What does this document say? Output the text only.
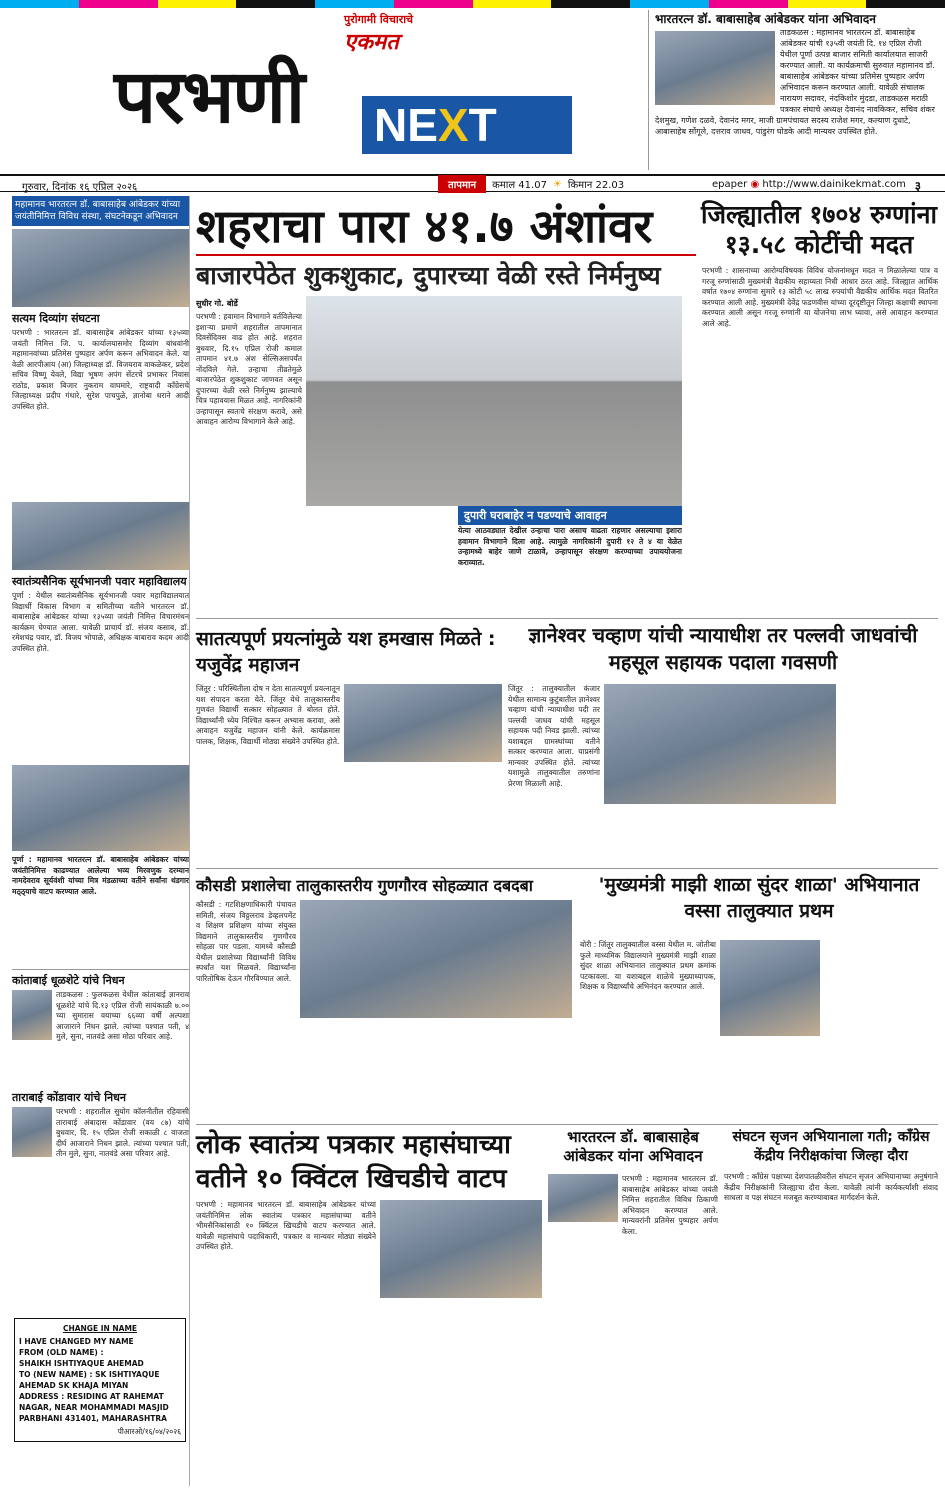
पुरोगामी विचाराचे
एकमत
परभणी NEXT
भारतरत्न डॉ. बाबासाहेब आंबेडकर यांना अभिवादन
ताडकळस : महामानव भारतरत्न डॉ. बाबासाहेब आंबेडकर यांची १३५वी जयंती दि. १४ एप्रिल रोजी येथील पूर्णा उत्पन्न बाजार समिती कार्यालयात साजरी करण्यात आली. या कार्यक्रमाची सुरुवात महामानव डॉ. बाबासाहेब आंबेडकर यांच्या प्रतिमेस पुष्पहार अर्पण अभिवादन करून करण्यात आली. यावेळी संचालक नारायण सदावर, नंदकिशोर मुंदडा, ताडकळस मराठी पत्रकार संघाचे अध्यक्ष देवानंद नावकिकर, सचिव शंकर देशमुख, गणेश दळवे, देवानंद मगर, माजी ग्रामपंचायत सदस्य राजेश मगर, कल्याण दुधाटे, आबासाहेब सोंगूले, दत्तराव जाधव, पांडुरंग घोडके आदी मान्यवर उपस्थित होते.
गुरुवार, दिनांक १६ एप्रिल २०२६	तापमान	कमाल 41.07 ☀ किमान 22.03	epaper ◉ http://www.dainikekmat.com ३
महामानव भारतरत्न डॉ. बाबासाहेब आंबेडकर यांच्या जयंतीनिमित्त विविध संस्था, संघटनेकडून अभिवादन
सत्यम दिव्यांग संघटना
परभणी : भारतरत्न डॉ. बाबासाहेब आंबेडकर यांच्या १३५व्या जयंती निमित्त जि. प. कार्यालयासमोर दिव्यांग बांधवांनी महामानवांच्या प्रतिमेस पुष्पहार अर्पण करून अभिवादन केले. या वेळी आरपीआय (आ) जिल्हाध्यक्ष डॉ. विजयराव वाकळेकर, प्रदेश सचिव विष्णू येवले, विद्या भूषण अपंग सेंटरचे प्रभाकर निवास राठोड, प्रकाश बिजार नुकराम वाघमारे, राष्ट्रवादी काँग्रेसचे जिल्हाध्यक्ष प्रदीप गंधारे, सुरेश पाचपुळे, ज्ञानोबा धराने आदी उपस्थित होते.
स्वातंत्र्यसैनिक सूर्यभानजी पवार महाविद्यालय
पूर्णा : येथील स्वातंत्र्यसैनिक सूर्यभानजी पवार महाविद्यालयात विद्यार्थी विकास विभाग व समितीच्या वतीने भारतरत्न डॉ. बाबासाहेब आंबेडकर यांच्या १३५व्या जयंती निमित्त विचारमंथन कार्यक्रम घेण्यात आला. यावेळी प्राचार्य डॉ. संजय कसाब, डॉ. रमेशचंद्र पवार, डॉ. विजय भोपाळे, अधिक्षक बाबाराव कदम आदी उपस्थित होते.
पूर्णा : महामानव भारतरत्न डॉ. बाबासाहेब आंबेडकर यांच्या जयंतीनिमित्त काढण्यात आलेल्या भव्य मिरवणुक दरम्यान नामदेवराव सूर्यवंशी यांच्या मित्र मंडळाच्या वतीने सर्वांना थंडगार मठ्ठ्याचे वाटप करण्यात आले.
कांताबाई धूळशेटे यांचे निधन
ताडकळस : फुलकळस येथील कांताबाई ज्ञानराव धूळशेटे यांचे दि.१३ एप्रिल रोजी सायंकाळी ७.०० च्या सुमारास वयाच्या ६६व्या वर्षी अल्पशा आजाराने निधन झाले. त्यांच्या पश्चात पती, ४ मुले, सुना, नातवंडे असा मोठा परिवार आहे.
ताराबाई कोंडावार यांचे निधन
परभणी : शहरातील सुयोग कॉलनीतील रहिवासी ताराबाई अंबादास कोंडावार (वय ८७) यांचे बुधवार, दि. १५ एप्रिल रोजी सकाळी ८ वाजता दीर्घ आजाराने निधन झाले. त्यांच्या पश्चात पती, तीन मुले, सुना, नातवंडे असा परिवार आहे.
शहराचा पारा ४१.७ अंशांवर
बाजारपेठेत शुकशुकाट, दुपारच्या वेळी रस्ते निर्मनुष्य
जिल्ह्यातील १७०४ रुग्णांना १३.५८ कोटींची मदत
सुधीर गो. बोर्डे
परभणी : हवामान विभागाने वर्तविलेल्या इशाऱ्या प्रमाणे शहरातील तापमानात दिवसेंदिवस वाढ होत आहे. शहरात बुधवार, दि.१५ एप्रिल रोजी कमाल तापमान ४१.७ अंश सेल्सिअसपर्यंत नोंदविले गेले. उन्हाचा तीव्रतेमुळे बाजारपेठेत शुकशुकाट जाणवत असून दुपारच्या वेळी रस्ते निर्मनुष्य झाल्याचे चित्र पहावयास मिळत आहे. नागरिकांनी उन्हापासून स्वतःचे संरक्षण करावे, असे आवाहन आरोग्य विभागाने केले आहे.
दुपारी घराबाहेर न पडण्याचे आवाहन
येत्या आठवड्यात देखील उन्हाचा पारा असाच वाढता राहणार असल्याचा इशारा हवामान विभागाने दिला आहे. त्यामुळे नागरिकांनी दुपारी १२ ते ४ या वेळेत उन्हामध्ये बाहेर जाणे टाळावे, उन्हापासून संरक्षण करण्याच्या उपाययोजना कराव्यात.
परभणी : शासनाच्या आरोग्यविषयक विविध योजनांमधून मदत न मिळालेल्या पात्र व गरजू रुग्णांसाठी मुख्यमंत्री वैद्यकीय सहाय्यता निधी आधार ठरत आहे. जिल्ह्यात आर्थिक वर्षात १७०४ रुग्णांना सुमारे १३ कोटी ५८ लाख रुपयांची वैद्यकीय आर्थिक मदत वितरित करण्यात आली आहे. मुख्यमंत्री देवेंद्र फडणवीस यांच्या दूरदृष्टीतून जिल्हा कक्षाची स्थापना करण्यात आली असून गरजू रुग्णांनी या योजनेचा लाभ घ्यावा, असे आवाहन करण्यात आले आहे.
सातत्यपूर्ण प्रयत्नांमुळे यश हमखास मिळते : यजुवेंद्र महाजन
जिंतूर : परिस्थितीला दोष न देता सातत्यपूर्ण प्रयत्नातून यश संपादन करता येते. जिंतूर येथे तालुकास्तरीय गुणवंत विद्यार्थी सत्कार सोहळ्यात ते बोलत होते. विद्यार्थ्यांनी ध्येय निश्चित करून अभ्यास करावा, असे आवाहन यजुवेंद्र महाजन यांनी केले. कार्यक्रमास पालक, शिक्षक, विद्यार्थी मोठ्या संख्येने उपस्थित होते.
ज्ञानेश्वर चव्हाण यांची न्यायाधीश तर पल्लवी जाधवांची महसूल सहायक पदाला गवसणी
जिंतूर : तालुक्यातील कंजार येथील सामान्य कुटुंबातील ज्ञानेश्वर चव्हाण यांची न्यायाधीश पदी तर पल्लवी जाधव यांची महसूल सहायक पदी निवड झाली. त्यांच्या यशाबद्दल ग्रामस्थांच्या वतीने सत्कार करण्यात आला. याप्रसंगी मान्यवर उपस्थित होते. त्यांच्या यशामुळे तालुक्यातील तरुणांना प्रेरणा मिळाली आहे.
कौसडी प्रशालेचा तालुकास्तरीय गुणगौरव सोहळ्यात दबदबा
कौसडी : गटशिक्षणाधिकारी पंचायत समिती, संजय विठ्ठलराव डेव्हलपमेंट व शिक्षण प्रशिक्षण यांच्या संयुक्त विद्यमाने तालुकास्तरीय गुणगौरव सोहळा पार पडला. यामध्ये कौसडी येथील प्रशालेच्या विद्यार्थ्यांनी विविध स्पर्धांत यश मिळवले. विद्यार्थ्यांना पारितोषिक देऊन गौरविण्यात आले.
'मुख्यमंत्री माझी शाळा सुंदर शाळा' अभियानात वस्सा तालुक्यात प्रथम
बोरी : जिंतूर तालुक्यातील वस्सा येथील म. जोतीबा फुले माध्यमिक विद्यालयाने मुख्यमंत्री माझी शाळा सुंदर शाळा अभियानात तालुक्यात प्रथम क्रमांक पटकावला. या यशाबद्दल शाळेचे मुख्याध्यापक, शिक्षक व विद्यार्थ्यांचे अभिनंदन करण्यात आले.
लोक स्वातंत्र्य पत्रकार महासंघाच्या वतीने १० क्विंटल खिचडीचे वाटप
परभणी : महामानव भारतरत्न डॉ. बाबासाहेब आंबेडकर यांच्या जयंतीनिमित्त लोक स्वातंत्र्य पत्रकार महासंघाच्या वतीने भीमसैनिकांसाठी १० क्विंटल खिचडीचे वाटप करण्यात आले. यावेळी महासंघाचे पदाधिकारी, पत्रकार व मान्यवर मोठ्या संख्येने उपस्थित होते.
भारतरत्न डॉ. बाबासाहेब आंबेडकर यांना अभिवादन
परभणी : महामानव भारतरत्न डॉ. बाबासाहेब आंबेडकर यांच्या जयंती निमित्त शहरातील विविध ठिकाणी अभिवादन करण्यात आले. मान्यवरांनी प्रतिमेस पुष्पहार अर्पण केला.
संघटन सृजन अभियानाला गती; काँग्रेस केंद्रीय निरीक्षकांचा जिल्हा दौरा
परभणी : काँग्रेस पक्षाच्या देशपातळीवरील संघटन सृजन अभियानाच्या अनुषंगाने केंद्रीय निरीक्षकांनी जिल्ह्याचा दौरा केला. यावेळी त्यांनी कार्यकर्त्यांशी संवाद साधला व पक्ष संघटन मजबूत करण्याबाबत मार्गदर्शन केले.
CHANGE IN NAME
I HAVE CHANGED MY NAME
FROM (OLD NAME) :
SHAIKH ISHTIYAQUE AHEMAD
TO (NEW NAME) : SK ISHTIYAQUE
AHEMAD SK KHAJA MIYAN
ADDRESS : RESIDING AT RAHEMAT
NAGAR, NEAR MOHAMMADI MASJID
PARBHANI 431401, MAHARASHTRA
पीआरओ/१६/०४/२०२६
